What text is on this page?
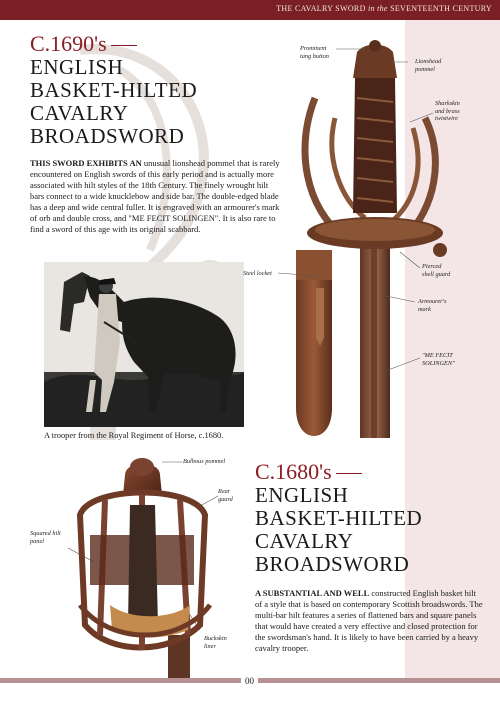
THE CAVALRY SWORD in the SEVENTEENTH CENTURY
C.1690's
ENGLISH
BASKET-HILTED
CAVALRY
BROADSWORD
THIS SWORD EXHIBITS AN unusual lionshead pommel that is rarely encountered on English swords of this early period and is actually more associated with hilt styles of the 18th Century. The finely wrought hilt bars connect to a wide knucklebow and side bar. The double-edged blade has a deep and wide central fuller. It is engraved with an armourer's mark of orb and double cross, and "ME FECIT SOLINGEN". It is also rare to find a sword of this age with its original scabbard.
A trooper from the Royal Regiment of Horse, c.1680.
Prominent
tang button
Lionshead
pommel
Sharkskin
and brass
twistwire
Steel locket
Pierced
shell guard
Armourer's
mark
"ME FECIT
SOLINGEN"
Bulbous pommel
Rear
guard
Squared hilt
panel
Buckskin
liner
C.1680's
ENGLISH
BASKET-HILTED
CAVALRY
BROADSWORD
A SUBSTANTIAL AND WELL constructed English basket hilt of a style that is based on contemporary Scottish broadswords. The multi-bar hilt features a series of flattened bars and square panels that would have created a very effective and closed protection for the swordsman's hand. It is likely to have been carried by a heavy cavalry trooper.
00
